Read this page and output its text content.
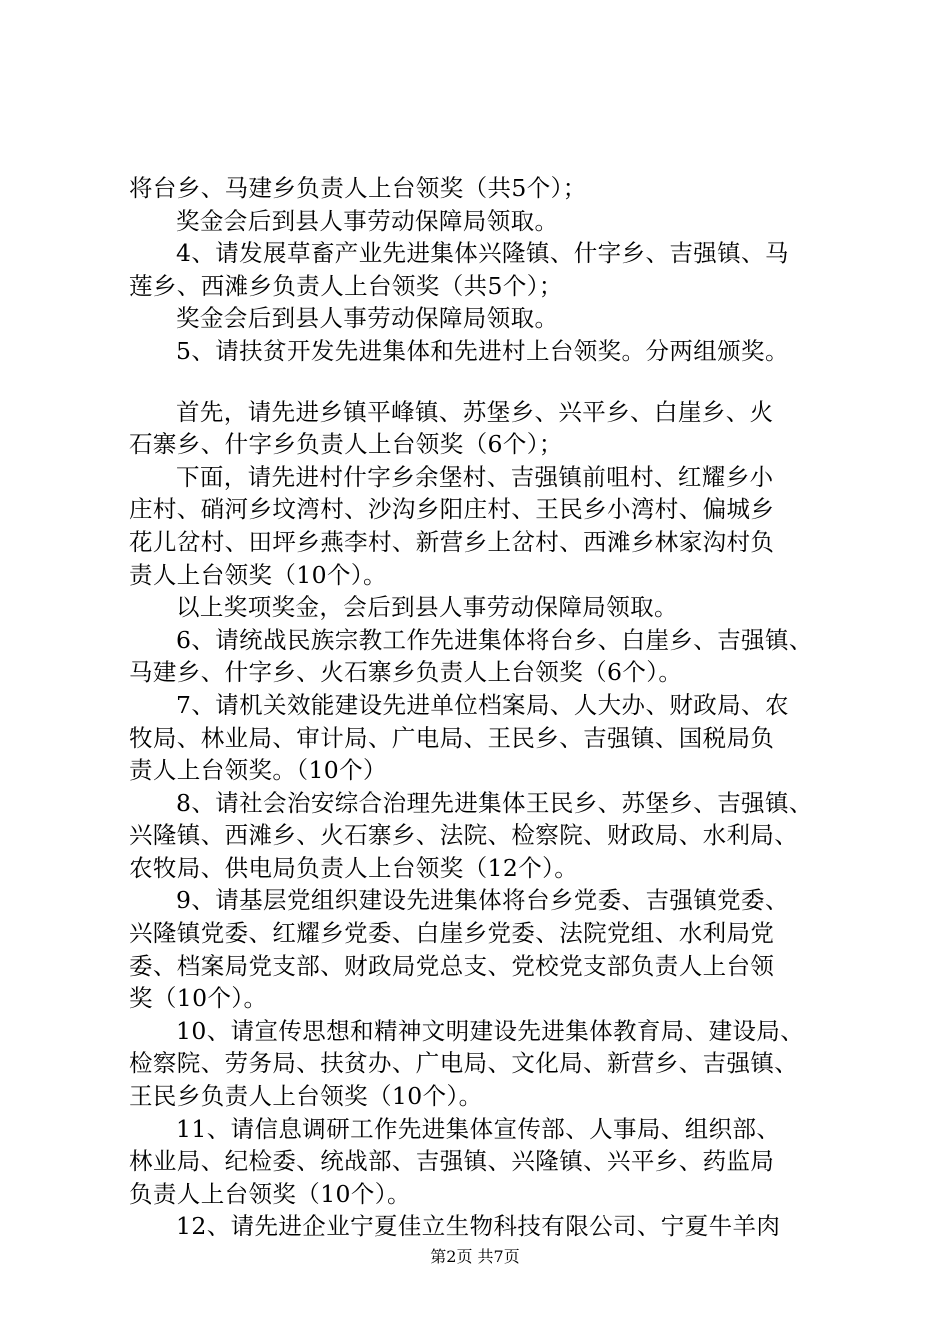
将台乡、马建乡负责人上台领奖（共5个）；
奖金会后到县人事劳动保障局领取。
4、请发展草畜产业先进集体兴隆镇、什字乡、吉强镇、马
莲乡、西滩乡负责人上台领奖（共5个）；
奖金会后到县人事劳动保障局领取。
5、请扶贫开发先进集体和先进村上台领奖。分两组颁奖。
首先，请先进乡镇平峰镇、苏堡乡、兴平乡、白崖乡、火
石寨乡、什字乡负责人上台领奖（6个）；
下面，请先进村什字乡余堡村、吉强镇前咀村、红耀乡小
庄村、硝河乡坟湾村、沙沟乡阳庄村、王民乡小湾村、偏城乡
花儿岔村、田坪乡燕李村、新营乡上岔村、西滩乡林家沟村负
责人上台领奖（10个）。
以上奖项奖金，会后到县人事劳动保障局领取。
6、请统战民族宗教工作先进集体将台乡、白崖乡、吉强镇、
马建乡、什字乡、火石寨乡负责人上台领奖（6个）。
7、请机关效能建设先进单位档案局、人大办、财政局、农
牧局、林业局、审计局、广电局、王民乡、吉强镇、国税局负
责人上台领奖。（10个）
8、请社会治安综合治理先进集体王民乡、苏堡乡、吉强镇、
兴隆镇、西滩乡、火石寨乡、法院、检察院、财政局、水利局、
农牧局、供电局负责人上台领奖（12个）。
9、请基层党组织建设先进集体将台乡党委、吉强镇党委、
兴隆镇党委、红耀乡党委、白崖乡党委、法院党组、水利局党
委、档案局党支部、财政局党总支、党校党支部负责人上台领
奖（10个）。
10、请宣传思想和精神文明建设先进集体教育局、建设局、
检察院、劳务局、扶贫办、广电局、文化局、新营乡、吉强镇、
王民乡负责人上台领奖（10个）。
11、请信息调研工作先进集体宣传部、人事局、组织部、
林业局、纪检委、统战部、吉强镇、兴隆镇、兴平乡、药监局
负责人上台领奖（10个）。
12、请先进企业宁夏佳立生物科技有限公司、宁夏牛羊肉
第2页 共7页
